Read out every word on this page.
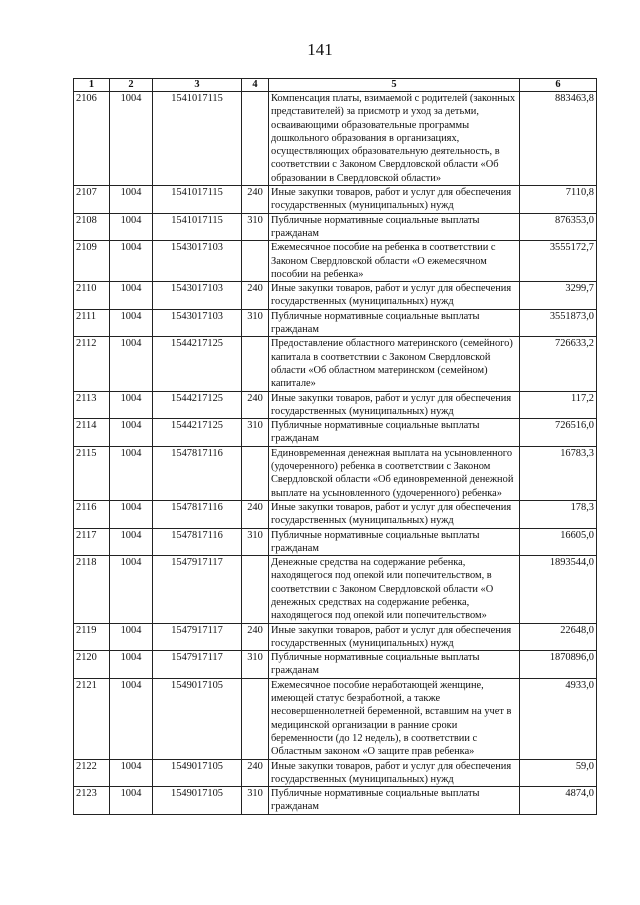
141
1	2	3	4	5	6
2106	1004	1541017115		Компенсация платы, взимаемой с родителей (законных представителей) за присмотр и уход за детьми, осваивающими образовательные программы дошкольного образования в организациях, осуществляющих образовательную деятельность, в соответствии с Законом Свердловской области «Об образовании в Свердловской области»	883463,8
2107	1004	1541017115	240	Иные закупки товаров, работ и услуг для обеспечения государственных (муниципальных) нужд	7110,8
2108	1004	1541017115	310	Публичные нормативные социальные выплаты гражданам	876353,0
2109	1004	1543017103		Ежемесячное пособие на ребенка в соответствии с Законом Свердловской области «О ежемесячном пособии на ребенка»	3555172,7
2110	1004	1543017103	240	Иные закупки товаров, работ и услуг для обеспечения государственных (муниципальных) нужд	3299,7
2111	1004	1543017103	310	Публичные нормативные социальные выплаты гражданам	3551873,0
2112	1004	1544217125		Предоставление областного материнского (семейного) капитала в соответствии с Законом Свердловской области «Об областном материнском (семейном) капитале»	726633,2
2113	1004	1544217125	240	Иные закупки товаров, работ и услуг для обеспечения государственных (муниципальных) нужд	117,2
2114	1004	1544217125	310	Публичные нормативные социальные выплаты гражданам	726516,0
2115	1004	1547817116		Единовременная денежная выплата на усыновленного (удочеренного) ребенка в соответствии с Законом Свердловской области «Об единовременной денежной выплате на усыновленного (удочеренного) ребенка»	16783,3
2116	1004	1547817116	240	Иные закупки товаров, работ и услуг для обеспечения государственных (муниципальных) нужд	178,3
2117	1004	1547817116	310	Публичные нормативные социальные выплаты гражданам	16605,0
2118	1004	1547917117		Денежные средства на содержание ребенка, находящегося под опекой или попечительством, в соответствии с Законом Свердловской области «О денежных средствах на содержание ребенка, находящегося под опекой или попечительством»	1893544,0
2119	1004	1547917117	240	Иные закупки товаров, работ и услуг для обеспечения государственных (муниципальных) нужд	22648,0
2120	1004	1547917117	310	Публичные нормативные социальные выплаты гражданам	1870896,0
2121	1004	1549017105		Ежемесячное пособие неработающей женщине, имеющей статус безработной, а также несовершеннолетней беременной, вставшим на учет в медицинской организации в ранние сроки беременности (до 12 недель), в соответствии с Областным законом «О защите прав ребенка»	4933,0
2122	1004	1549017105	240	Иные закупки товаров, работ и услуг для обеспечения государственных (муниципальных) нужд	59,0
2123	1004	1549017105	310	Публичные нормативные социальные выплаты гражданам	4874,0
